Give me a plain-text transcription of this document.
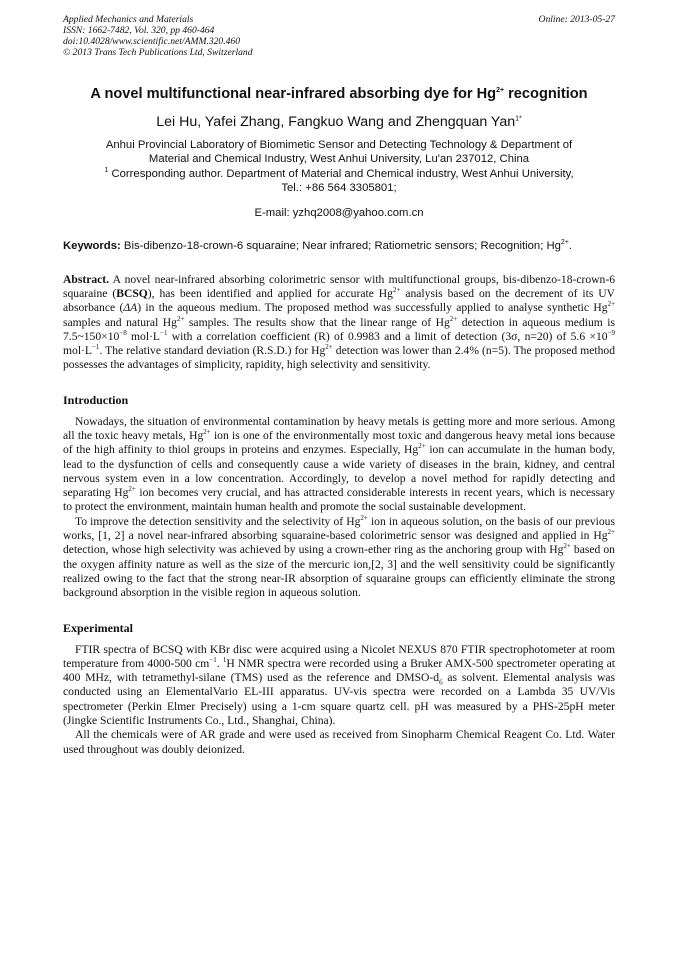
Applied Mechanics and Materials
ISSN: 1662-7482, Vol. 320, pp 460-464
doi:10.4028/www.scientific.net/AMM.320.460
© 2013 Trans Tech Publications Ltd, Switzerland
Online: 2013-05-27
A novel multifunctional near-infrared absorbing dye for $Hg^{2+}$ recognition
Lei Hu, Yafei Zhang, Fangkuo Wang and Zhengquan Yan$^{1*}$
Anhui Provincial Laboratory of Biomimetic Sensor and Detecting Technology & Department of
Material and Chemical Industry, West Anhui University, Lu'an 237012, China
$^1$ Corresponding author. Department of Material and Chemical industry, West Anhui University,
Tel.: +86 564 3305801;
E-mail: yzhq2008@yahoo.com.cn
Keywords: Bis-dibenzo-18-crown-6 squaraine; Near infrared; Ratiometric sensors; Recognition; $Hg^{2+}$.
Abstract. A novel near-infrared absorbing colorimetric sensor with multifunctional groups, bis-dibenzo-18-crown-6 squaraine (BCSQ), has been identified and applied for accurate $Hg^{2+}$ analysis based on the decrement of its UV absorbance (ΔA) in the aqueous medium. The proposed method was successfully applied to analyse synthetic $Hg^{2+}$ samples and natural $Hg^{2+}$ samples. The results show that the linear range of $Hg^{2+}$ detection in aqueous medium is $7.5\sim 150\times 10^{-8}$ $mol\cdot L^{-1}$ with a correlation coefficient (R) of 0.9983 and a limit of detection (3σ, n=20) of $5.6 \times 10^{-9}$ $mol\cdot L^{-1}$. The relative standard deviation (R.S.D.) for $Hg^{2+}$ detection was lower than 2.4% (n=5). The proposed method possesses the advantages of simplicity, rapidity, high selectivity and sensitivity.
Introduction
Nowadays, the situation of environmental contamination by heavy metals is getting more and more serious. Among all the toxic heavy metals, $Hg^{2+}$ ion is one of the environmentally most toxic and dangerous heavy metal ions because of the high affinity to thiol groups in proteins and enzymes. Especially, $Hg^{2+}$ ion can accumulate in the human body, lead to the dysfunction of cells and consequently cause a wide variety of diseases in the brain, kidney, and central nervous system even in a low concentration. Accordingly, to develop a novel method for rapidly detecting and separating $Hg^{2+}$ ion becomes very crucial, and has attracted considerable interests in recent years, which is necessary to protect the environment, maintain human health and promote the social sustainable development.
To improve the detection sensitivity and the selectivity of $Hg^{2+}$ ion in aqueous solution, on the basis of our previous works, [1, 2] a novel near-infrared absorbing squaraine-based colorimetric sensor was designed and applied in $Hg^{2+}$ detection, whose high selectivity was achieved by using a crown-ether ring as the anchoring group with $Hg^{2+}$ based on the oxygen affinity nature as well as the size of the mercuric ion,[2, 3] and the well sensitivity could be significantly realized owing to the fact that the strong near-IR absorption of squaraine groups can efficiently eliminate the strong background absorption in the visible region in aqueous solution.
Experimental
FTIR spectra of BCSQ with KBr disc were acquired using a Nicolet NEXUS 870 FTIR spectrophotometer at room temperature from 4000-500 $cm^{-1}$. $^1$H NMR spectra were recorded using a Bruker AMX-500 spectrometer operating at 400 MHz, with tetramethyl-silane (TMS) used as the reference and DMSO-$d_6$ as solvent. Elemental analysis was conducted using an ElementalVario EL-III apparatus. UV-vis spectra were recorded on a Lambda 35 UV/Vis spectrometer (Perkin Elmer Precisely) using a 1-cm square quartz cell. pH was measured by a PHS-25pH meter (Jingke Scientific Instruments Co., Ltd., Shanghai, China).
All the chemicals were of AR grade and were used as received from Sinopharm Chemical Reagent Co. Ltd. Water used throughout was doubly deionized.
